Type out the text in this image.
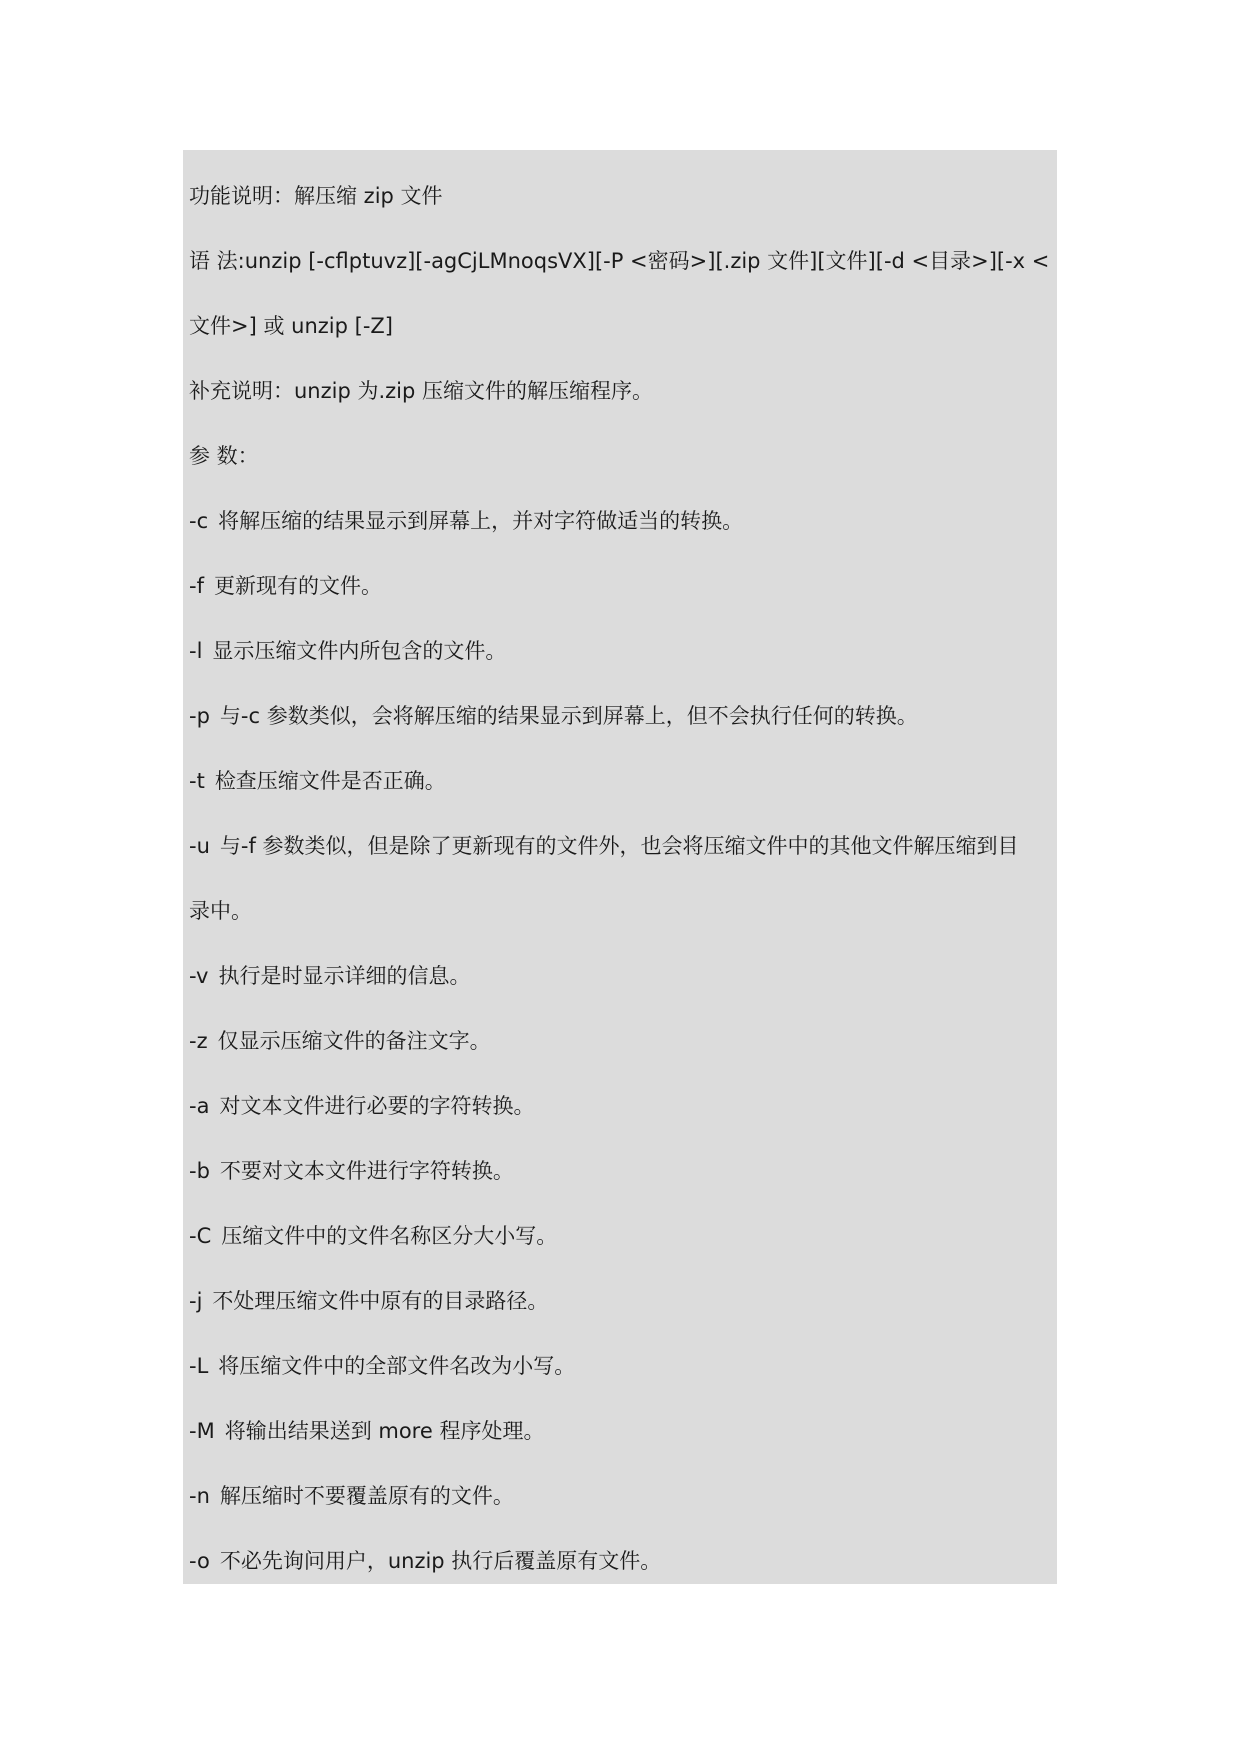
功能说明：解压缩 zip 文件
语 法:unzip [-cflptuvz][-agCjLMnoqsVX][-P <密码>][.zip 文件][文件][-d <目录>][-x <
文件>] 或 unzip [-Z]
补充说明：unzip 为.zip 压缩文件的解压缩程序。
参 数：
-c 将解压缩的结果显示到屏幕上，并对字符做适当的转换。
-f 更新现有的文件。
-l 显示压缩文件内所包含的文件。
-p 与-c 参数类似，会将解压缩的结果显示到屏幕上，但不会执行任何的转换。
-t 检查压缩文件是否正确。
-u 与-f 参数类似，但是除了更新现有的文件外，也会将压缩文件中的其他文件解压缩到目
录中。
-v 执行是时显示详细的信息。
-z 仅显示压缩文件的备注文字。
-a 对文本文件进行必要的字符转换。
-b 不要对文本文件进行字符转换。
-C 压缩文件中的文件名称区分大小写。
-j 不处理压缩文件中原有的目录路径。
-L 将压缩文件中的全部文件名改为小写。
-M 将输出结果送到 more 程序处理。
-n 解压缩时不要覆盖原有的文件。
-o 不必先询问用户，unzip 执行后覆盖原有文件。
